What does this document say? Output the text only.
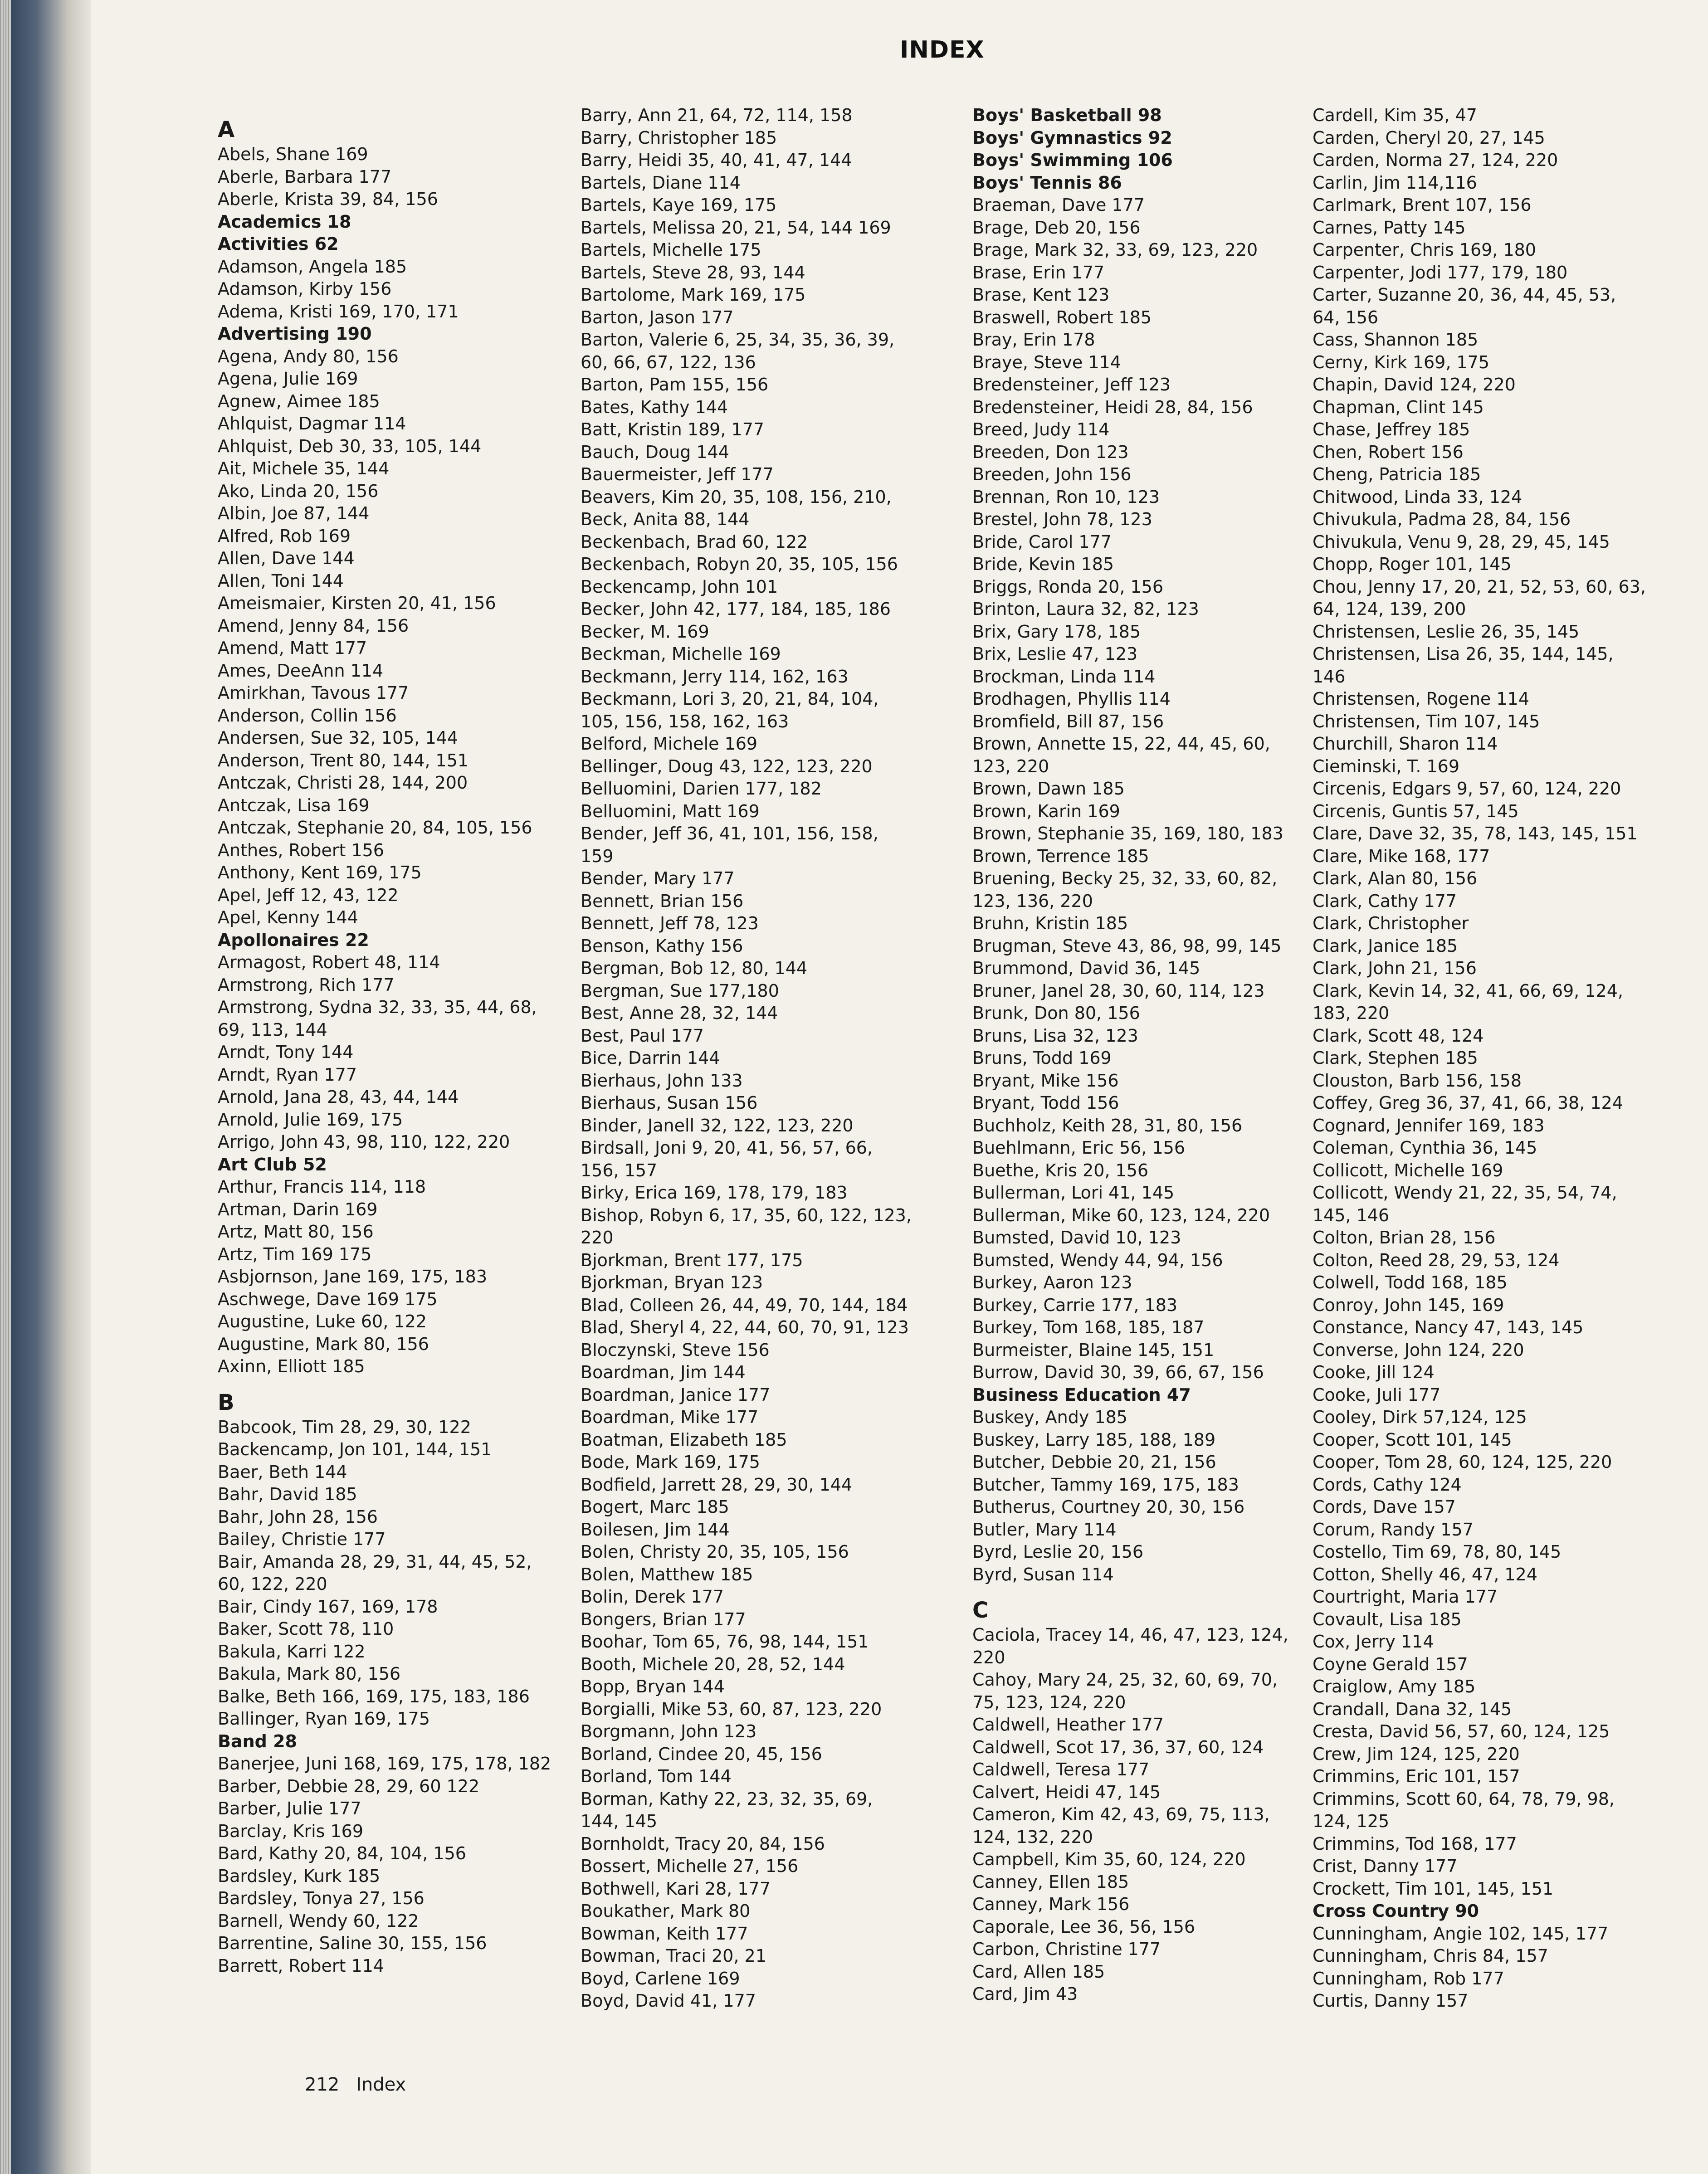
INDEX
A
Abels, Shane 169
Aberle, Barbara 177
Aberle, Krista 39, 84, 156
Academics 18
Activities 62
Adamson, Angela 185
Adamson, Kirby 156
Adema, Kristi 169, 170, 171
Advertising 190
Agena, Andy 80, 156
Agena, Julie 169
Agnew, Aimee 185
Ahlquist, Dagmar 114
Ahlquist, Deb 30, 33, 105, 144
Ait, Michele 35, 144
Ako, Linda 20, 156
Albin, Joe 87, 144
Alfred, Rob 169
Allen, Dave 144
Allen, Toni 144
Ameismaier, Kirsten 20, 41, 156
Amend, Jenny 84, 156
Amend, Matt 177
Ames, DeeAnn 114
Amirkhan, Tavous 177
Anderson, Collin 156
Andersen, Sue 32, 105, 144
Anderson, Trent 80, 144, 151
Antczak, Christi 28, 144, 200
Antczak, Lisa 169
Antczak, Stephanie 20, 84, 105, 156
Anthes, Robert 156
Anthony, Kent 169, 175
Apel, Jeff 12, 43, 122
Apel, Kenny 144
Apollonaires 22
Armagost, Robert 48, 114
Armstrong, Rich 177
Armstrong, Sydna 32, 33, 35, 44, 68, 69, 113, 144
Arndt, Tony 144
Arndt, Ryan 177
Arnold, Jana 28, 43, 44, 144
Arnold, Julie 169, 175
Arrigo, John 43, 98, 110, 122, 220
Art Club 52
Arthur, Francis 114, 118
Artman, Darin 169
Artz, Matt 80, 156
Artz, Tim 169 175
Asbjornson, Jane 169, 175, 183
Aschwege, Dave 169 175
Augustine, Luke 60, 122
Augustine, Mark 80, 156
Axinn, Elliott 185
B
Babcook, Tim 28, 29, 30, 122
Backencamp, Jon 101, 144, 151
Baer, Beth 144
Bahr, David 185
Bahr, John 28, 156
Bailey, Christie 177
Bair, Amanda 28, 29, 31, 44, 45, 52, 60, 122, 220
Bair, Cindy 167, 169, 178
Baker, Scott 78, 110
Bakula, Karri 122
Bakula, Mark 80, 156
Balke, Beth 166, 169, 175, 183, 186
Ballinger, Ryan 169, 175
Band 28
Banerjee, Juni 168, 169, 175, 178, 182
Barber, Debbie 28, 29, 60 122
Barber, Julie 177
Barclay, Kris 169
Bard, Kathy 20, 84, 104, 156
Bardsley, Kurk 185
Bardsley, Tonya 27, 156
Barnell, Wendy 60, 122
Barrentine, Saline 30, 155, 156
Barrett, Robert 114
Barry, Ann 21, 64, 72, 114, 158
Barry, Christopher 185
Barry, Heidi 35, 40, 41, 47, 144
Bartels, Diane 114
Bartels, Kaye 169, 175
Bartels, Melissa 20, 21, 54, 144 169
Bartels, Michelle 175
Bartels, Steve 28, 93, 144
Bartolome, Mark 169, 175
Barton, Jason 177
Barton, Valerie 6, 25, 34, 35, 36, 39, 60, 66, 67, 122, 136
Barton, Pam 155, 156
Bates, Kathy 144
Batt, Kristin 189, 177
Bauch, Doug 144
Bauermeister, Jeff 177
Beavers, Kim 20, 35, 108, 156, 210,
Beck, Anita 88, 144
Beckenbach, Brad 60, 122
Beckenbach, Robyn 20, 35, 105, 156
Beckencamp, John 101
Becker, John 42, 177, 184, 185, 186
Becker, M. 169
Beckman, Michelle 169
Beckmann, Jerry 114, 162, 163
Beckmann, Lori 3, 20, 21, 84, 104, 105, 156, 158, 162, 163
Belford, Michele 169
Bellinger, Doug 43, 122, 123, 220
Belluomini, Darien 177, 182
Belluomini, Matt 169
Bender, Jeff 36, 41, 101, 156, 158, 159
Bender, Mary 177
Bennett, Brian 156
Bennett, Jeff 78, 123
Benson, Kathy 156
Bergman, Bob 12, 80, 144
Bergman, Sue 177,180
Best, Anne 28, 32, 144
Best, Paul 177
Bice, Darrin 144
Bierhaus, John 133
Bierhaus, Susan 156
Binder, Janell 32, 122, 123, 220
Birdsall, Joni 9, 20, 41, 56, 57, 66, 156, 157
Birky, Erica 169, 178, 179, 183
Bishop, Robyn 6, 17, 35, 60, 122, 123, 220
Bjorkman, Brent 177, 175
Bjorkman, Bryan 123
Blad, Colleen 26, 44, 49, 70, 144, 184
Blad, Sheryl 4, 22, 44, 60, 70, 91, 123
Bloczynski, Steve 156
Boardman, Jim 144
Boardman, Janice 177
Boardman, Mike 177
Boatman, Elizabeth 185
Bode, Mark 169, 175
Bodfield, Jarrett 28, 29, 30, 144
Bogert, Marc 185
Boilesen, Jim 144
Bolen, Christy 20, 35, 105, 156
Bolen, Matthew 185
Bolin, Derek 177
Bongers, Brian 177
Boohar, Tom 65, 76, 98, 144, 151
Booth, Michele 20, 28, 52, 144
Bopp, Bryan 144
Borgialli, Mike 53, 60, 87, 123, 220
Borgmann, John 123
Borland, Cindee 20, 45, 156
Borland, Tom 144
Borman, Kathy 22, 23, 32, 35, 69, 144, 145
Bornholdt, Tracy 20, 84, 156
Bossert, Michelle 27, 156
Bothwell, Kari 28, 177
Boukather, Mark 80
Bowman, Keith 177
Bowman, Traci 20, 21
Boyd, Carlene 169
Boyd, David 41, 177
Boys' Basketball 98
Boys' Gymnastics 92
Boys' Swimming 106
Boys' Tennis 86
Braeman, Dave 177
Brage, Deb 20, 156
Brage, Mark 32, 33, 69, 123, 220
Brase, Erin 177
Brase, Kent 123
Braswell, Robert 185
Bray, Erin 178
Braye, Steve 114
Bredensteiner, Jeff 123
Bredensteiner, Heidi 28, 84, 156
Breed, Judy 114
Breeden, Don 123
Breeden, John 156
Brennan, Ron 10, 123
Brestel, John 78, 123
Bride, Carol 177
Bride, Kevin 185
Briggs, Ronda 20, 156
Brinton, Laura 32, 82, 123
Brix, Gary 178, 185
Brix, Leslie 47, 123
Brockman, Linda 114
Brodhagen, Phyllis 114
Bromfield, Bill 87, 156
Brown, Annette 15, 22, 44, 45, 60, 123, 220
Brown, Dawn 185
Brown, Karin 169
Brown, Stephanie 35, 169, 180, 183
Brown, Terrence 185
Bruening, Becky 25, 32, 33, 60, 82, 123, 136, 220
Bruhn, Kristin 185
Brugman, Steve 43, 86, 98, 99, 145
Brummond, David 36, 145
Bruner, Janel 28, 30, 60, 114, 123
Brunk, Don 80, 156
Bruns, Lisa 32, 123
Bruns, Todd 169
Bryant, Mike 156
Bryant, Todd 156
Buchholz, Keith 28, 31, 80, 156
Buehlmann, Eric 56, 156
Buethe, Kris 20, 156
Bullerman, Lori 41, 145
Bullerman, Mike 60, 123, 124, 220
Bumsted, David 10, 123
Bumsted, Wendy 44, 94, 156
Burkey, Aaron 123
Burkey, Carrie 177, 183
Burkey, Tom 168, 185, 187
Burmeister, Blaine 145, 151
Burrow, David 30, 39, 66, 67, 156
Business Education 47
Buskey, Andy 185
Buskey, Larry 185, 188, 189
Butcher, Debbie 20, 21, 156
Butcher, Tammy 169, 175, 183
Butherus, Courtney 20, 30, 156
Butler, Mary 114
Byrd, Leslie 20, 156
Byrd, Susan 114
C
Caciola, Tracey 14, 46, 47, 123, 124, 220
Cahoy, Mary 24, 25, 32, 60, 69, 70, 75, 123, 124, 220
Caldwell, Heather 177
Caldwell, Scot 17, 36, 37, 60, 124
Caldwell, Teresa 177
Calvert, Heidi 47, 145
Cameron, Kim 42, 43, 69, 75, 113, 124, 132, 220
Campbell, Kim 35, 60, 124, 220
Canney, Ellen 185
Canney, Mark 156
Caporale, Lee 36, 56, 156
Carbon, Christine 177
Card, Allen 185
Card, Jim 43
Cardell, Kim 35, 47
Carden, Cheryl 20, 27, 145
Carden, Norma 27, 124, 220
Carlin, Jim 114,116
Carlmark, Brent 107, 156
Carnes, Patty 145
Carpenter, Chris 169, 180
Carpenter, Jodi 177, 179, 180
Carter, Suzanne 20, 36, 44, 45, 53, 64, 156
Cass, Shannon 185
Cerny, Kirk 169, 175
Chapin, David 124, 220
Chapman, Clint 145
Chase, Jeffrey 185
Chen, Robert 156
Cheng, Patricia 185
Chitwood, Linda 33, 124
Chivukula, Padma 28, 84, 156
Chivukula, Venu 9, 28, 29, 45, 145
Chopp, Roger 101, 145
Chou, Jenny 17, 20, 21, 52, 53, 60, 63, 64, 124, 139, 200
Christensen, Leslie 26, 35, 145
Christensen, Lisa 26, 35, 144, 145, 146
Christensen, Rogene 114
Christensen, Tim 107, 145
Churchill, Sharon 114
Cieminski, T. 169
Circenis, Edgars 9, 57, 60, 124, 220
Circenis, Guntis 57, 145
Clare, Dave 32, 35, 78, 143, 145, 151
Clare, Mike 168, 177
Clark, Alan 80, 156
Clark, Cathy 177
Clark, Christopher
Clark, Janice 185
Clark, John 21, 156
Clark, Kevin 14, 32, 41, 66, 69, 124, 183, 220
Clark, Scott 48, 124
Clark, Stephen 185
Clouston, Barb 156, 158
Coffey, Greg 36, 37, 41, 66, 38, 124
Cognard, Jennifer 169, 183
Coleman, Cynthia 36, 145
Collicott, Michelle 169
Collicott, Wendy 21, 22, 35, 54, 74, 145, 146
Colton, Brian 28, 156
Colton, Reed 28, 29, 53, 124
Colwell, Todd 168, 185
Conroy, John 145, 169
Constance, Nancy 47, 143, 145
Converse, John 124, 220
Cooke, Jill 124
Cooke, Juli 177
Cooley, Dirk 57,124, 125
Cooper, Scott 101, 145
Cooper, Tom 28, 60, 124, 125, 220
Cords, Cathy 124
Cords, Dave 157
Corum, Randy 157
Costello, Tim 69, 78, 80, 145
Cotton, Shelly 46, 47, 124
Courtright, Maria 177
Covault, Lisa 185
Cox, Jerry 114
Coyne Gerald 157
Craiglow, Amy 185
Crandall, Dana 32, 145
Cresta, David 56, 57, 60, 124, 125
Crew, Jim 124, 125, 220
Crimmins, Eric 101, 157
Crimmins, Scott 60, 64, 78, 79, 98, 124, 125
Crimmins, Tod 168, 177
Crist, Danny 177
Crockett, Tim 101, 145, 151
Cross Country 90
Cunningham, Angie 102, 145, 177
Cunningham, Chris 84, 157
Cunningham, Rob 177
Curtis, Danny 157
212 Index
